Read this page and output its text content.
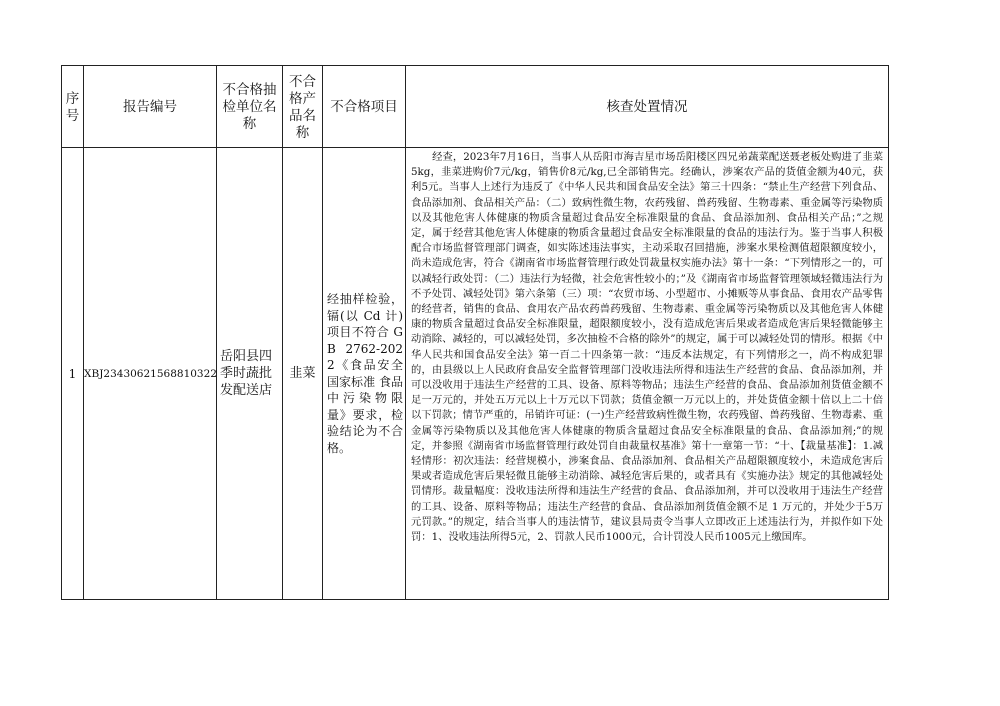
序号	报告编号	不合格抽检单位名称	不合格产品名称	不合格项目	核查处置情况
1	XBJ23430621568810322	岳阳县四季时蔬批发配送店	韭菜	经抽样检验，镉(以 Cd 计)项目不符合 GB 2762-2022《食品安全国家标准 食品中污染物限量》要求，检验结论为不合格。	经查，2023年7月16日，当事人从岳阳市海吉星市场岳阳楼区四兄弟蔬菜配送聂老板处购进了韭菜5kg，韭菜进购价7元/kg，销售价8元/kg,已全部销售完。经确认，涉案农产品的货值金额为40元，获利5元。当事人上述行为违反了《中华人民共和国食品安全法》第三十四条：“禁止生产经营下列食品、食品添加剂、食品相关产品：（二）致病性微生物，农药残留、兽药残留、生物毒素、重金属等污染物质以及其他危害人体健康的物质含量超过食品安全标准限量的食品、食品添加剂、食品相关产品；”之规定，属于经营其他危害人体健康的物质含量超过食品安全标准限量的食品的违法行为。鉴于当事人积极配合市场监督管理部门调查，如实陈述违法事实，主动采取召回措施，涉案水果检测值超限额度较小，尚未造成危害，符合《湖南省市场监督管理行政处罚裁量权实施办法》第十一条：“下列情形之一的，可以减轻行政处罚：（二）违法行为轻微，社会危害性较小的；”及《湖南省市场监督管理领域轻微违法行为不予处罚、减轻处罚》第六条第（三）项：“农贸市场、小型超市、小摊贩等从事食品、食用农产品零售的经营者，销售的食品、食用农产品农药兽药残留、生物毒素、重金属等污染物质以及其他危害人体健康的物质含量超过食品安全标准限量，超限额度较小，没有造成危害后果或者造成危害后果轻微能够主动消除、减轻的，可以减轻处罚，多次抽检不合格的除外”的规定，属于可以减轻处罚的情形。根据《中华人民共和国食品安全法》第一百二十四条第一款：“违反本法规定，有下列情形之一，尚不构成犯罪的，由县级以上人民政府食品安全监督管理部门没收违法所得和违法生产经营的食品、食品添加剂，并可以没收用于违法生产经营的工具、设备、原料等物品；违法生产经营的食品、食品添加剂货值金额不足一万元的，并处五万元以上十万元以下罚款；货值金额一万元以上的，并处货值金额十倍以上二十倍以下罚款；情节严重的，吊销许可证：(一)生产经营致病性微生物，农药残留、兽药残留、生物毒素、重金属等污染物质以及其他危害人体健康的物质含量超过食品安全标准限量的食品、食品添加剂;”的规定，并参照《湖南省市场监督管理行政处罚自由裁量权基准》第十一章第一节：“十、【裁量基准】：1.减轻情形：初次违法：经营规模小，涉案食品、食品添加剂、食品相关产品超限额度较小，未造成危害后果或者造成危害后果轻微且能够主动消除、减轻危害后果的，或者具有《实施办法》规定的其他减轻处罚情形。裁量幅度：没收违法所得和违法生产经营的食品、食品添加剂，并可以没收用于违法生产经营的工具、设备、原料等物品；违法生产经营的食品、食品添加剂货值金额不足 1 万元的，并处少于5万元罚款。”的规定，结合当事人的违法情节，建议县局责令当事人立即改正上述违法行为，并拟作如下处罚：1、没收违法所得5元，2、罚款人民币1000元，合计罚没人民币1005元上缴国库。
